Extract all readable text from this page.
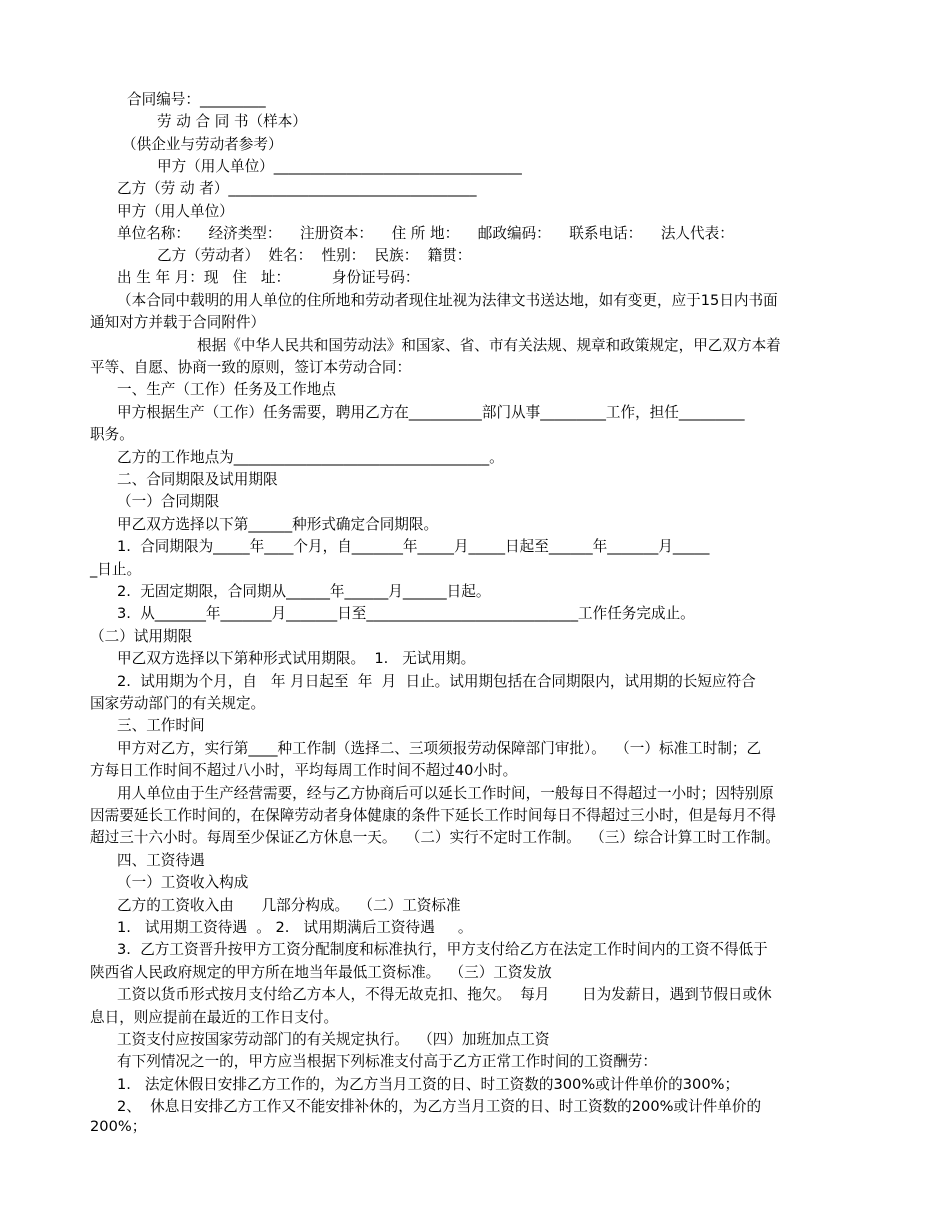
合同编号：_________
劳 动 合 同 书（样本）
（供企业与劳动者参考）
甲方（用人单位）__________________________________
乙方（劳 动 者）__________________________________
甲方（用人单位）
单位名称：    经济类型：    注册资本：    住 所 地：    邮政编码：    联系电话：    法人代表：
乙方（劳动者）  姓名：  性别：  民族：  籍贯：
出 生 年 月：现   住   址：         身份证号码：
（本合同中载明的用人单位的住所地和劳动者现住址视为法律文书送达地，如有变更，应于15日内书面
通知对方并载于合同附件）
根据《中华人民共和国劳动法》和国家、省、市有关法规、规章和政策规定，甲乙双方本着
平等、自愿、协商一致的原则，签订本劳动合同：
一、生产（工作）任务及工作地点
甲方根据生产（工作）任务需要，聘用乙方在__________部门从事_________工作，担任_________
职务。
乙方的工作地点为___________________________________。
二、合同期限及试用期限
（一）合同期限
甲乙双方选择以下第______种形式确定合同期限。
1.  合同期限为_____年____个月，自_______年_____月_____日起至______年_______月_____
_日止。
2.  无固定期限，合同期从______年______月______日起。
3.  从_______年_______月_______日至_____________________________工作任务完成止。
（二）试用期限
甲乙双方选择以下第种形式试用期限。  1.   无试用期。
2.  试用期为个月，自   年 月日起至  年  月  日止。试用期包括在合同期限内，试用期的长短应符合
国家劳动部门的有关规定。
三、工作时间
甲方对乙方，实行第____种工作制（选择二、三项须报劳动保障部门审批）。  （一）标准工时制；乙
方每日工作时间不超过八小时，平均每周工作时间不超过40小时。
用人单位由于生产经营需要，经与乙方协商后可以延长工作时间，一般每日不得超过一小时；因特别原
因需要延长工作时间的，在保障劳动者身体健康的条件下延长工作时间每日不得超过三小时，但是每月不得
超过三十六小时。每周至少保证乙方休息一天。  （二）实行不定时工作制。  （三）综合计算工时工作制。
四、工资待遇
（一）工资收入构成
乙方的工资收入由      几部分构成。  （二）工资标准
1.   试用期工资待遇  。 2.   试用期满后工资待遇     。
3.  乙方工资晋升按甲方工资分配制度和标准执行，甲方支付给乙方在法定工作时间内的工资不得低于
陕西省人民政府规定的甲方所在地当年最低工资标准。  （三）工资发放
工资以货币形式按月支付给乙方本人，不得无故克扣、拖欠。  每月       日为发薪日，遇到节假日或休
息日，则应提前在最近的工作日支付。
工资支付应按国家劳动部门的有关规定执行。  （四）加班加点工资
有下列情况之一的，甲方应当根据下列标准支付高于乙方正常工作时间的工资酬劳：
1.   法定休假日安排乙方工作的，为乙方当月工资的日、时工资数的300%或计件单价的300%；
2、  休息日安排乙方工作又不能安排补休的，为乙方当月工资的日、时工资数的200%或计件单价的
200%；
